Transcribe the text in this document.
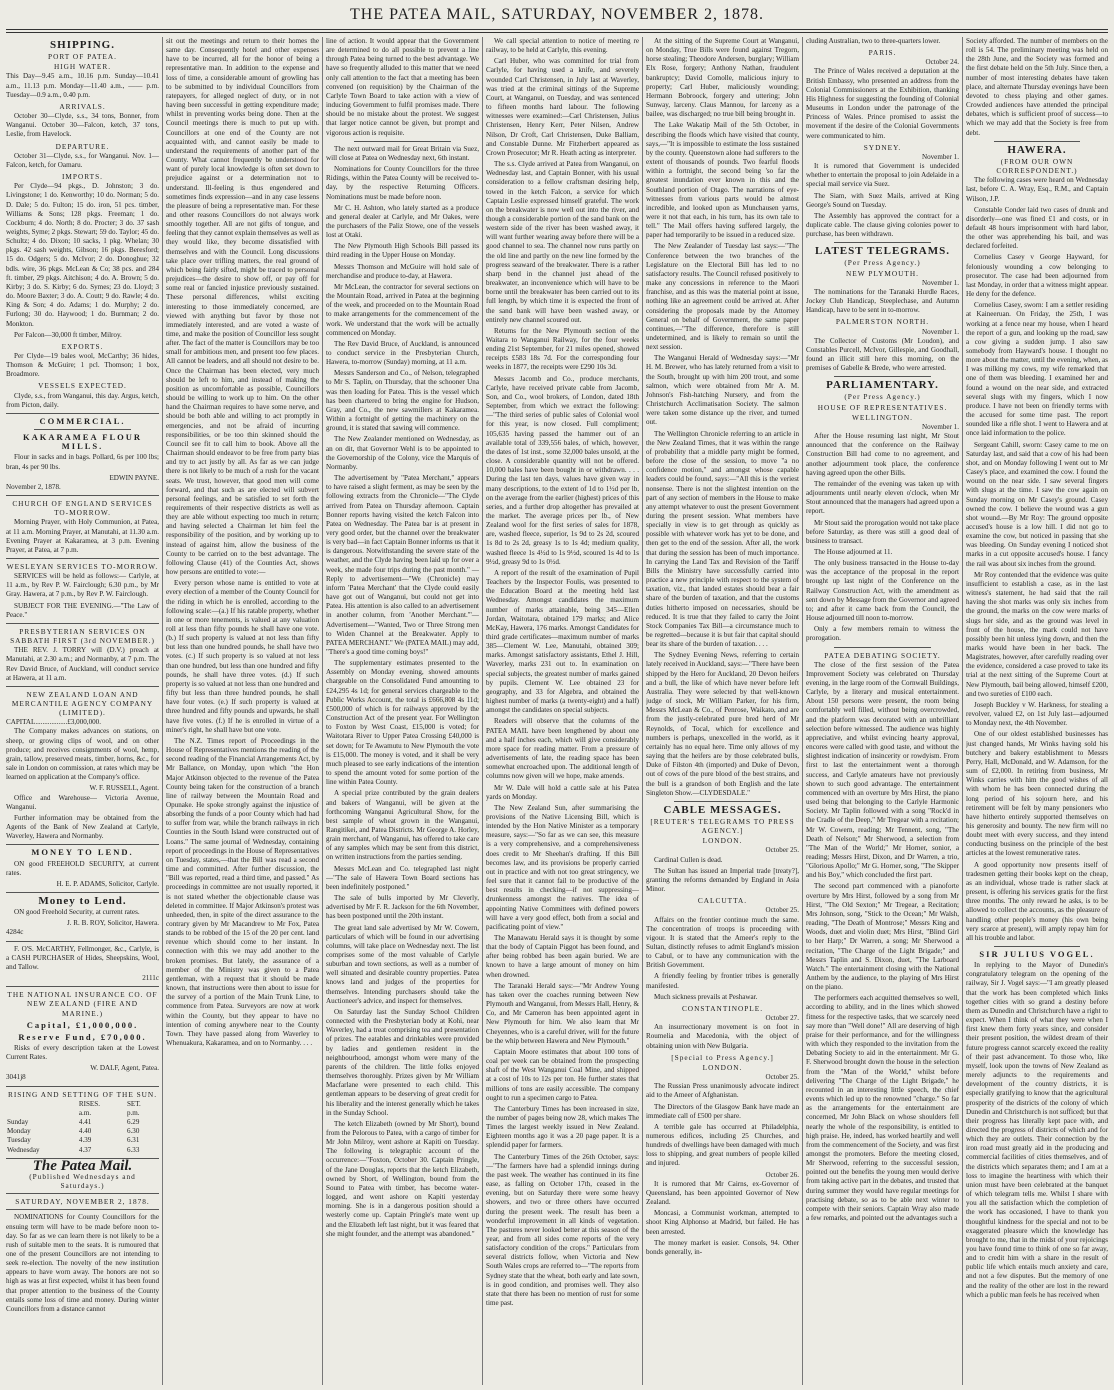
THE PATEA MAIL, SATURDAY, NOVEMBER 2, 1878.
SHIPPING.
PORT OF PATEA.
HIGH WATER.

This Day—9.45 a.m., 10.16 p.m. Sunday—10.41 a.m., 11.13 p.m. Monday—11.40 a.m., —— p.m. Tuesday—0.9 a.m., 0.40 p.m.

ARRIVALS.

October 30—Clyde, s.s., 34 tons, Bonner, from Wanganui. October 30—Falcon, ketch, 37 tons, Leslie, from Havelock.

DEPARTURE.

October 31—Clyde, s.s., for Wanganui. Nov. 1—Falcon, ketch, for Oamaru.

IMPORTS.

Per Clyde—94 pkgs., D. Johnston; 3 do. Livingstone; 1 do. Kenworthy; 10 do. Norman; 5 do. D. Dale; 5 do. Fulton; 15 do. iron, 51 pcs. timber, Williams & Sons; 128 pkgs. Freeman; 1 do. Cockburn; 4 do. North; 8 do. Procter; 3 do. 37 sash weights, Syme; 2 pkgs. Stewart; 59 do. Taylor; 45 do. Schultz; 4 do. Dixon; 10 sacks, 1 pkg. Whelan; 30 pkgs. 42 sash weights, Gibson; 16 pkgs. Beresford; 15 do. Odgers; 5 do. McIvor; 2 do. Donoghue; 32 bdls. wire, 36 pkgs. McLean & Co; 38 pcs. and 284 ft. timber, 29 pkgs. Aitchison; 4 do. A. Brown; 5 do. Kirby; 3 do. S. Kirby; 6 do. Symes; 23 do. Lloyd; 3 do. Moore Baxter; 3 do. A. Coutt; 9 do. Rawle; 4 do. King & Son; 4 do. Adams; 1 do. Murphy; 2 do. Furlong; 30 do. Haywood; 1 do. Burnman; 2 do. Monkton.

Per Falcon—30,000 ft timber, Milroy.

EXPORTS.

Per Clyde—19 bales wool, McCarthy; 36 hides, Thomson & McGuire; 1 pcl. Thomson; 1 box, Broadmore.

VESSELS EXPECTED.

Clyde, s.s., from Wanganui, this day. Argus, ketch, from Picton, daily.

COMMERCIAL.
KAKARAMEA FLOUR MILLS.

Flour in sacks and in bags. Pollard, 6s per 100 lbs; bran, 4s per 90 lbs.

EDWIN PAYNE.
November 2, 1878.
CHURCH OF ENGLAND SERVICES TO-MORROW.

Morning Prayer, with Holy Communion, at Patea, at 11 a.m. Morning Prayer, at Manutahi, at 11.30 a.m. Evening Prayer at Kakaramea, at 3 p.m. Evening Prayer, at Patea, at 7 p.m.

WESLEYAN SERVICES TO-MORROW.

SERVICES will be held as follows:— Carlyle, at 11 a.m., by Rev P. W. Fairclough; 6.30 p.m., by Mr Gray. Hawera, at 7 p.m., by Rev P. W. Fairclough.

SUBJECT FOR THE EVENING.—"The Law of Peace."

PRESBYTERIAN SERVICES ON SABBATH FIRST (3rd NOVEMBER.)

THE REV. J. TORRY will (D.V.) preach at Manutahi, at 2.30 a.m.; and Normanby, at 7 p.m. The Rev David Bruce, of Auckland, will conduct service at Hawera, at 11 a.m.

NEW ZEALAND LOAN AND MERCANTILE AGENCY COMPANY (LIMITED).
CAPITAL..................£3,000,000.

The Company makes advances on stations, on sheep, or growing clips of wool, and on other produce; and receives consignments of wool, hemp, grain, tallow, preserved meats, timber, horns, &c., for sale in London on commission, at rates which may be learned on application at the Company's office.

W. F. RUSSELL, Agent.

Office and Warehouse— Victoria Avenue, Wanganui.

Further information may be obtained from the Agents of the Bank of New Zealand at Carlyle, Waverley, Hawera and Normanby.

MONEY TO LEND.

ON good FREEHOLD SECURITY, at current rates.

H. E. P. ADAMS, Solicitor, Carlyle.
Money to Lend.

ON good Freehold Security, at current rates.

J. R. B. ROY, Solicitor, Hawera.
4284c

F. O'S. McCARTHY, Fellmonger, &c., Carlyle, is a CASH PURCHASER of Hides, Sheepskins, Wool, and Tallow.

2111c
THE NATIONAL INSURANCE CO. OF NEW ZEALAND (FIRE AND MARINE.)
Capital, £1,000,000.
Reserve Fund, £70,000.

Risks of every description taken at the Lowest Current Rates.

W. DALF, Agent, Patea.
3041j8
RISING AND SETTING OF THE SUN.
	RISES.	SET.
	a.m.	p.m.
Sunday	4.41	6.29
Monday	4.40	6.30
Tuesday	4.39	6.31
Wednesday	4.37	6.33
The Patea Mail.
(Published Wednesdays and Saturdays.)
SATURDAY, NOVEMBER 2, 1878.

NOMINATIONS for County Councillors for the ensuing term will have to be made before noon to-day. So far as we can learn there is not likely to be a rush of suitable men to the seats. It is rumoured that one of the present Councillors are not intending to seek re-election. The novelty of the new institution appears to have worn away. The honors are not so high as was at first expected, whilst it has been found that proper attention to the business of the County entails some loss of time and money. During winter Councillors from a distance cannot

sit out the meetings and return to their homes the same day. Consequently hotel and other expenses have to be incurred, all for the honor of being a representative man. In addition to the expense and loss of time, a considerable amount of growling has to be submitted to by individual Councillors from ratepayers, for alleged neglect of duty, or in not having been successful in getting expenditure made; whilst in preventing works being done. Then at the Council meetings there is much to put up with. Councillors at one end of the County are not acquainted with, and cannot easily be made to understand the requirements of another part of the County. What cannot frequently be understood for want of purely local knowledge is often set down to prejudice against or a determination not to understand. Ill-feeling is thus engendered and sometimes finds expression—and in any case lessens the pleasure of being a representative man. For these and other reasons Councillors do not always work smoothly together. All are not gifts of tongue, and feeling that they cannot explain themselves as well as they would like, they become dissatisfied with themselves and with the Council. Long discussions take place over trifling matters, the real ground of which being fairly sifted, might be traced to personal prejudices—the desire to show off, or pay off for some real or fancied injustice previously sustained. These personal differences, whilst exciting interesting to those immediately concerned, are viewed with anything but favor by those not immediately interested, and are voted a waste of time, and make the position of Councillor less sought after. The fact of the matter is Councillors may be too small for ambitious men, and present too few places. All cannot be leaders, and all should not desire to be. Once the Chairman has been elected, very much should be left to him, and instead of making the position as uncomfortable as possible, Councillors should be willing to work up to him. On the other hand the Chairman requires to have some nerve, and should be both able and willing to act promptly in emergencies, and not be afraid of incurring responsibilities, or be too thin skinned should the Council see fit to call him to book. Above all the Chairman should endeavor to be free from party bias and try to act justly by all. As far as we can judge there is not likely to be much of a rush for the vacant seats. We trust, however, that good men will come forward, and that such as are elected will subvert personal feelings, and be satisfied to set forth the requirements of their respective districts as well as they are able without expecting too much in return; and having selected a Chairman let him feel the responsibility of the position, and by working up to instead of against him, allow the business of the County to be carried on to the best advantage. The following Clause (41) of the Counties Act, shows how persons are entitled to vote:—

Every person whose name is entitled to vote at every election of a member of the County Council for the riding in which he is enrolled, according to the following scale:—(a.) If his ratable property, whether in one or more tenements, is valued at any valuation roll at less than fifty pounds he shall have one vote. (b.) If such property is valued at not less than fifty but less than one hundred pounds, he shall have two votes. (c.) If such property is so valued at not less than one hundred, but less than one hundred and fifty pounds, he shall have three votes. (d.) If such property is so valued at not less than one hundred and fifty but less than three hundred pounds, he shall have four votes. (e.) If such property is valued at three hundred and fifty pounds and upwards, he shall have five votes. (f.) If he is enrolled in virtue of a miner's right, he shall have but one vote.

The N.Z. Times report of Proceedings in the House of Representatives mentions the reading of the second reading of the Financial Arrangements Act, by Mr Ballance, on Monday, upon which "the Hon Major Atkinson objected to the revenue of the Patea County being taken for the construction of a branch line of railway between the Mountain Road and Opunake. He spoke strongly against the injustice of absorbing the funds of a poor County which had had to suffer from war, while the branch railways in rich Counties in the South Island were constructed out of Loans." The same journal of Wednesday, containing report of proceedings in the House of Representatives on Tuesday, states,—that the Bill was read a second time and committed. After further discussion, the "Bill was reported, read a third time, and passed." As proceedings in committee are not usually reported, it is not stated whether the objectionable clause was deleted in committee. If Major Atkinson's protest was unheeded, then, in spite of the direct assurance to the contrary given by Mr Macandrew to Mr Fox, Patea stands to be robbed of the 15 of the 20 per cent. land revenue which should come to her instant. In connection with this we may add another to the broken promises. But lately, the assurance of a member of the Ministry was given to a Patea gentleman, with a request that it should be made known, that instructions were then about to issue for the survey of a portion of the Main Trunk Line, to commence from Patea. Surveyors are now at work within the County, but they appear to have no intention of coming anywhere near to the County Town. They have passed along from Waverley to Whenuakura, Kakaramea, and on to Normanby. . . .

line of action. It would appear that the Government are determined to do all possible to prevent a line through Patea being turned to the best advantage. We have so frequently alluded to this matter that we need only call attention to the fact that a meeting has been convened (on requisition) by the Chairman of the Carlyle Town Board to take action with a view of inducing Government to fulfil promises made. There should be no mistake about the protest. We suggest that larger notice cannot be given, but prompt and vigorous action is requisite.

The next outward mail for Great Britain via Suez, will close at Patea on Wednesday next, 6th instant.

Nominations for County Councillors for the three Ridings, within the Patea County will be received to-day, by the respective Returning Officers. Nominations must be made before noon.

Mr C. H. Ashton, who lately started as a produce and general dealer at Carlyle, and Mr Oakes, were the purchasers of the Paliz Stowe, one of the vessels lost at Otaki.

The New Plymouth High Schools Bill passed its third reading in the Upper House on Monday.

Messrs Thomson and McGuire will hold sale of merchandise and produce to-day, at Hawera.

Mr McLean, the contractor for several sections on the Mountain Road, arrived in Patea at the beginning of the week, and proceeded on to the Mountain Road to make arrangements for the commencement of the work. We understand that the work will be actually commenced on Monday.

The Rev David Bruce, of Auckland, is announced to conduct service in the Presbyterian Church, Hawera, to-morrow (Sunday) morning, at 11 a.m.

Messrs Sanderson and Co., of Nelson, telegraphed to Mr S. Taplin, on Thursday, that the schooner Una was then loading for Patea. This is the vessel which has been chartered to bring the engine for Hudson, Gray, and Co., the new sawmillers at Kakaramea. Within a fortnight of getting the machinery on the ground, it is stated that sawing will commence.

The New Zealander mentioned on Wednesday, as an on dit, that Governor Wehl is to be appointed to the Governorship of the Colony, vice the Marquis of Normanby.

The advertisement by "Patea Merchant," appears to have raised a slight ferment, as may be seen by the following extracts from the Chronicle—"The Clyde arrived from Patea on Thursday afternoon. Captain Bonner reports having visited the ketch Falcon into Patea on Wednesday. The Patea bar is at present in very good order, but the channel over the breakwater is very bad—in fact Captain Bonner informs us that it is dangerous. Notwithstanding the severe state of the weather, and the Clyde having been laid up for over a week, she made four trips during the past month." —Reply to advertisement—"We (Chronicle) may inform 'Patea Merchant' that the Clyde could easily have got out of Wanganui, but could not get into Patea. His attention is also called to an advertisement in another column, from 'Another Merchant.'"—Advertisement—"Wanted, Two or Three Strong men to Widen Channel at the Breakwater. Apply to PATEA MERCHANT." We (PATEA MAIL) may add, "There's a good time coming boys!"

The supplementary estimates presented to the Assembly on Monday evening, showed amounts chargeable on the Consolidated Fund amounting to £24,295 4s 1d; for general services chargeable to the Public Works Account, the total is £666,808 4s 11d; £500,000 of which is for railways approved by the Construction Act of the present year. For Wellington to Foxton by West Coast, £15,000 is voted; for Waitotara River to Upper Patea Crossing £40,000 is set down; for Te Awamutu to New Plymouth the vote is £15,000. The money is voted, and it shall be very much pleased to see early indications of the intention to spend the amount voted for some portion of the line within Patea County.

A special prize contributed by the grain dealers and bakers of Wanganui, will be given at the forthcoming Wanganui Agricultural Show, for the best sample of wheat grown in the Wanganui, Rangitikei, and Patea Districts. Mr George A. Horley, grain merchant, of Wanganui, has offered to take care of any samples which may be sent from this district, on written instructions from the parties sending.

Messrs McLean and Co. telegraphed last night—"The sale of Hawera Town Board sections has been indefinitely postponed."

The sale of bulls imported by Mr Cleverly, advertised by Mr F. R. Jackson for the 6th November, has been postponed until the 20th instant.

The great land sale advertised by Mr W. Cowern, particulars of which will be found in our advertising columns, will take place on Wednesday next. The list comprises some of the most valuable of Carlyle suburban and town sections, as well as a number of well situated and desirable country properties. Patea knows land and judges of the properties for themselves. Intending purchasers should take the Auctioneer's advice, and inspect for themselves.

On Saturday last the Sunday School Children connected with the Presbyterian body at Kohi, near Waverley, had a treat comprising tea and presentation of prizes. The eatables and drinkables were provided by ladies and gentlemen resident in the neighbourhood, amongst whom were many of the parents of the children. The little folks enjoyed themselves thoroughly. Prizes given by Mr William Macfarlane were presented to each child. This gentleman appears to be deserving of great credit for his liberality and the interest generally which he takes in the Sunday School.

The ketch Elizabeth (owned by Mr Short), bound from the Pelorous to Patea, with a cargo of timber for Mr John Milroy, went ashore at Kapiti on Tuesday. The following is telegraphic account of the occurrence:—"Foxton, October 30. Captain Pringle, of the Jane Douglas, reports that the ketch Elizabeth, owned by Short, of Wellington, bound from the Sound to Patea with timber, has become water-logged, and went ashore on Kapiti yesterday morning. She is in a dangerous position should a westerly come up. Captain Pringle's mate went up and the Elizabeth left last night, but it was feared that she might founder, and the attempt was abandoned."

We call special attention to notice of meeting re railway, to be held at Carlyle, this evening.

Carl Huber, who was committed for trial from Carlyle, for having used a knife, and severely wounded Carl Christensen, in July last at Waverley, was tried at the criminal sittings of the Supreme Court, at Wanganui, on Tuesday, and was sentenced to fifteen months hard labour. The following witnesses were examined:—Carl Christensen, Julius Christensen, Henry Kerr, Peter Nilsen, Andrew Nilson, Dr Croft, Carl Christensen, Duke Balliam, and Constable Dunne. Mr Fitzherbert appeared as Crown Prosecutor; Mr R. Heath acting as interpreter.

The s.s. Clyde arrived at Patea from Wanganui, on Wednesday last, and Captain Bonner, with his usual consideration to a fellow craftsman desiring help, towed in the ketch Falcon, a service for which Captain Leslie expressed himself grateful. The work on the breakwater is now well out into the river, and though a considerable portion of the sand bank on the western side of the river has been washed away, it will want further wearing away before there will be a good channel to sea. The channel now runs partly on the old line and partly on the new line formed by the progress seaward of the breakwater. There is a rather sharp bend in the channel just ahead of the breakwater, an inconvenience which will have to be borne until the breakwater has been carried out to its full length, by which time it is expected the front of the sand bank will have been washed away, or entirely new channel scoured out.

Returns for the New Plymouth section of the Waitara to Wanganui Railway, for the four weeks ending 21st September, for 21 miles opened, showed receipts £583 18s 7d. For the corresponding four weeks in 1877, the receipts were £290 10s 3d.

Messrs Jacomb and Co., produce merchants, Carlyle, have received private cable from Jacomb, Son, and Co., wool brokers, of London, dated 18th September, from which we extract the following:—"The third series of public sales of Colonial wool for this year, is now closed. Full compliment; 105,635 having passed the hammer out of an available total of 339,556 bales, of which, however, the dates of 1st inst., some 32,000 bales unsold, at the close. A considerable quantity will not be offered. 10,000 bales have been bought in or withdrawn. . . . During the last ten days, values have given way in many descriptions, to the extent of 1d to 1½d per lb, on the average from the earlier (highest) prices of this series, and a further drop altogether has prevailed at the market. The average prices per lb., of New Zealand wool for the first series of sales for 1878, are, washed fleece, superior, 1s 9d to 2s 2d, scoured 1s 8d to 2s 2d, greasy 1s to 1s 4d; medium quality, washed fleece 1s 4½d to 1s 9½d, scoured 1s 4d to 1s 9½d, greasy 9d to 1s 0½d.

A report of the result of the examination of Pupil Teachers by the Inspector Foulis, was presented to the Education Board at the meeting held last Wednesday. Amongst candidates the maximum number of marks attainable, being 345—Ellen Jordan, Waitotara, obtained 179 marks; and Alice McKay, Hawera, 176 marks. Amongst Candidates for third grade certificates—maximum number of marks 385—Clement W. Lee, Manutahi, obtained 309; marks. Amongst satisfactory assistants, Ethel J. Hill, Waverley, marks 231 out to. In examination on special subjects, the greatest number of marks gained by pupils. Clement W. Lee obtained 23 for geography, and 33 for Algebra, and obtained the highest number of marks (a twenty-eight) and a half) amongst the candidates on special subjects.

Readers will observe that the columns of the PATEA MAIL have been lengthened by about one and a half inches each, which will give considerably more space for reading matter. From a pressure of advertisements of late, the reading space has been somewhat encroached upon. The additional length of columns now given will we hope, make amends.

Mr W. Dale will hold a cattle sale at his Patea yards on Monday.

The New Zealand Sun, after summarising the provisions of the Native Licensing Bill, which is intended by the Hon Native Minister as a temporary measure, says:—"So far as we can see, this measure is a very comprehensive, and a comprehensiveness does credit to Mr Sheehan's drafting. If this Bill becomes law, and its provisions be properly carried out in practice and with not too great stringency, we feel sure that it cannot fail to be productive of the best results in checking—if not suppressing—drunkenness amongst the natives. The idea of appointing Native Committees with defined powers will have a very good effect, both from a social and pacificating point of view."

The Manawatu Herald says it is thought by some that the body of Captain Piggot has been found, and after being robbed has been again buried. We are known to have a large amount of money on him when drowned.

The Taranaki Herald says:—"Mr Andrew Young has taken over the coaches running between New Plymouth and Wanganui, from Messrs Hall, Henry, & Co, and Mr Cameron has been appointed agent in New Plymouth for him. We also learn that Mr Cheyennes, who is a careful driver, will for the future be the whip between Hawera and New Plymouth."

Captain Moore estimates that about 100 tons of coal per week can be obtained from the prospecting shaft of the West Wanganui Coal Mine, and shipped at a cost of 10s to 12s per ton. He further states that millions of tons are easily accessible. The company ought to run a specimen cargo to Patea.

The Canterbury Times has been increased in size, the number of pages being now 28, which makes The Times the largest weekly issued in New Zealand. Eighteen months ago it was a 20 page paper. It is a splendid paper for farmers.

The Canterbury Times of the 26th October, says:—"The farmers have had a splendid innings during the past week. The weather has continued in its fine ease, as falling on October 17th, ceased in the evening, but on Saturday there were some heavy showers, and two or three others have occurred during the present week. The result has been a wonderful improvement in all kinds of vegetation. The pastures never looked better at this season of the year, and from all sides come reports of the very satisfactory condition of the crops." Particulars from several districts follow, when Victoria and New South Wales crops are referred to—"The reports from Sydney state that the wheat, both early and late sown, is in good condition, and promises well. They also state that there has been no mention of rust for some time past.

At the sitting of the Supreme Court at Wanganui, on Monday, True Bills were found against Tregorn, horse stealing; Theodore Andersen, burglary; William Elx Rose, forgery; Anthony Nathan, fraudulent bankruptcy; David Comolle, malicious injury to property; Carl Huber, maliciously wounding; Hermann Bobroock, forgery and uttering; John Sunway, larceny. Claus Mannou, for larceny as a bailee, was discharged; no true bill being brought in.

The Lake Wakatip Mail of the 5th October, in describing the floods which have visited that county, says,—"It is impossible to estimate the loss sustained by the county. Queenstown alone had sufferers to the extent of thousands of pounds. Two fearful floods within a fortnight, the second being 'so far the greatest inundation ever known in this and the Southland portion of Otago. The narrations of eye-witnesses from various parts would be almost incredible, and looked upon as Munchausen yarns, were it not that each, in his turn, has its own tale to tell." The Mail offers having suffered largely, the paper had temporarily to be issued in a reduced size.

The New Zealander of Tuesday last says:—"The Conference between the two branches of the Legislature on the Electoral Bill has led to no satisfactory results. The Council refused positively to make any concessions in reference to the Maori franchise, and as this was the material point at issue, nothing like an agreement could be arrived at. After considering the proposals made by the Attorney General on behalf of Government, the same paper continues,—"The difference, therefore is still undetermined, and is likely to remain so until the next session.

The Wanganui Herald of Wednesday says:—"Mr H. M. Brewer, who has lately returned from a visit to the South, brought up with him 200 trout, and some salmon, which were obtained from Mr A. M. Johnson's Fish-hatching Nursery, and from the Christchurch Acclimatisation Society. The salmon were taken some distance up the river, and turned out.

The Wellington Chronicle referring to an article in the New Zealand Times, that it was within the range of probability that a middle party might be formed, before the close of the session, to move "a no confidence motion," and amongst whose capable leaders could be found, says:—"All this is the veriest nonsense. There is not the slightest intention on the part of any section of members in the House to make any attempt whatever to oust the present Government during the present session. What members have specially in view is to get through as quickly as possible with whatever work has yet to be done, and then get to the end of the session. After all, the work that during the session has been of much importance. In carrying the Land Tax and Revision of the Tariff Bills the Ministry have successfully carried into practice a new principle with respect to the system of taxation, viz., that landed estates should bear a fair share of the burden of taxation, and that the customs duties hitherto imposed on necessaries, should be reduced. It is true that they failed to carry the Joint Stock Companies Tax Bill—a circumstance much to be regretted—because it is but fair that capital should bear its share of the burden of taxation. . . .

The Sydney Evening News, referring to certain lately received in Auckland, says:—"There have been shipped by the Hero for Auckland, 20 Devon heifers and a bull, the like of which have never before left Australia. They were selected by that well-known judge of stock, Mr William Parker, for his firm, Messrs McLean & Co., of Penrose, Waikato, and are from the justly-celebrated pure bred herd of Mr Reynolds, of Tocal, which for excellence and numbers is perhaps, unexcelled in the world, as it certainly has no equal here. Time only allows of my saying that the heifers are by those celebrated bulls, Duke of Filston 4th (imported) and Duke of Devon, out of cows of the pure blood of the best strains, and the bull is a grandson of both English and the late Singleton Show.—CLYDESDALE."

CABLE MESSAGES.
[REUTER'S TELEGRAMS TO PRESS AGENCY.]
LONDON.
October 25.

Cardinal Cullen is dead.

The Sultan has issued an Imperial trade [treaty?], granting the reforms demanded by England in Asia Minor.

CALCUTTA.
October 25.

Affairs on the frontier continue much the same. The concentration of troops is proceeding with vigour. It is stated that the Ameer's reply to the Sultan, distinctly refuses to admit England's mission to Cabul, or to have any communication with the British Government.

A friendly feeling by frontier tribes is generally manifested.

Much sickness prevails at Peshawar.

CONSTANTINOPLE.
October 27.

An insurrectionary movement is on foot in Roumelia and Macedonia, with the object of obtaining union with New Bulgaria.

[Special to Press Agency.]
LONDON.
October 25.

The Russian Press unanimously advocate indirect aid to the Ameer of Afghanistan.

The Directors of the Glasgow Bank have made an immediate call of £500 per share.

A terrible gale has occurred at Philadelphia, numerous edifices, including 25 Churches, and hundreds of dwellings have been damaged with much loss to shipping, and great numbers of people killed and injured.

October 26.

It is rumored that Mr Cairns, ex-Governor of Queensland, has been appointed Governor of New Zealand.

Moncasi, a Communist workman, attempted to shoot King Alphonso at Madrid, but failed. He has been arrested.

The money market is easier. Consols, 94. Other bonds generally, in-

cluding Australian, two to three-quarters lower.

PARIS.
October 24.

The Prince of Wales received a deputation at the British Embassy, who presented an address from the Colonial Commissioners at the Exhibition, thanking His Highness for suggesting the founding of Colonial Museums in London under the patronage of the Princess of Wales. Prince promised to assist the movement if the desire of the Colonial Governments were communicated to him.

SYDNEY.
November 1.

It is rumored that Government is undecided whether to entertain the proposal to join Adelaide in a special mail service via Suez.

The Siam, with Suez Mails, arrived at King George's Sound on Tuesday.

The Assembly has approved the contract for a duplicate cable. The clause giving colonies power to purchase, has been withdrawn.

LATEST TELEGRAMS.
(Per Press Agency.)
NEW PLYMOUTH.
November 1.

The nominations for the Taranaki Hurdle Races, Jockey Club Handicap, Steeplechase, and Autumn Handicap, have to be sent in to-morrow.

PALMERSTON NORTH.
November 1.

The Collector of Customs (Mr Loudon), and Constables Purcell, McIvor, Gillespie, and Goodhall, found an illicit still here this morning, on the premises of Gabelle & Brede, who were arrested.

PARLIAMENTARY.
(Per Press Agency.)
HOUSE OF REPRESENTATIVES.
WELLINGTON.
November 1.

After the House resuming last night, Mr Stout announced that the conference on the Railway Construction Bill had come to no agreement, and another adjournment took place, the conference having agreed upon the other Bills.

The remainder of the evening was taken up with adjournments until nearly eleven o'clock, when Mr Stout announced that the managers had agreed upon a report.

Mr Stout said the prorogation would not take place before Saturday, as there was still a good deal of business to transact.

The House adjourned at 11.

The only business transacted in the House to-day was the acceptance of the proposal in the report brought up last night of the Conference on the Railway Construction Act, with the amendment as sent down by Message from the Governor and agreed to; and after it came back from the Council, the House adjourned till noon to-morrow.

Only a few members remain to witness the prorogation.

PATEA DEBATING SOCIETY.

The close of the first session of the Patea Improvement Society was celebrated on Thursday evening, in the large room of the Cornwall Buildings, Carlyle, by a literary and musical entertainment. About 150 persons were present, the room being comfortably well filled, without being overcrowded, and the platform was decorated with an unbrilliant selection before witnessed. The audience was highly appreciative, and whilst evincing hearty approval, encores were called with good taste, and without the slightest indication of insincerity or rowdyism. From first to last the entertainment went a thorough success, and Carlyle amateurs have not previously shown to such good advantage. The entertainment commenced with an overture by Mrs Hirst, the piano used being that belonging to the Carlyle Harmonic Society. Mr Taplin followed with a song "Rock'd in the Cradle of the Deep," Mr Tregear with a recitation; Mr W. Cowern, reading; Mr Tennent, song, "The Death of Nelson;" Mr Sherwood, a selection from "The Man of the World;" Mr Horner, sonior, a reading; Messrs Hirst, Dixon, and Dr Warren, a trio, "Glorious Apollo;" Mr G. Horner, song, "The Skipper and his Boy," which concluded the first part.

The second part commenced with a pianoforte overture by Mrs Hirst, followed by a song from Mr Hirst, "The Old Sexton;" Mr Tregear, a Recitation; Mrs Johnson, song, "Stick to the Ocean;" Mr Walsh, reading, "The Death of Montrose;" Messrs King and Woods, duet and violin duet; Mrs Hirst, "Blind Girl to her Harp;" Dr Warren, a song; Mr Sherwood a recitation, "The Charge of the Light Brigade;" and Messrs Taplin and S. Dixon, duet, "The Larboard Watch." The entertainment closing with the National Anthem by the audience, to the playing of Mrs Hirst on the piano.

The performers each acquitted themselves so well, according to ability, and in the lines which showed fitness for the respective tasks, that we scarcely need say more than "Well done!" All are deserving of high praise for their performance, and for the willingness with which they responded to the invitation from the Debating Society to aid in the entertainment. Mr G. F. Sherwood brought down the house in the selection from the "Man of the World," whilst before delivering "The Charge of the Light Brigade," he recounted in an interesting little speech, the chief events which led up to the renowned "charge." So far as the arrangements for the entertainment are concerned, Mr John Black on whose shoulders fell nearly the whole of the responsibility, is entitled to high praise. He, indeed, has worked heartily and well from the commencement of the Society, and was first amongst the promoters. Before the meeting closed, Mr Sherwood, referring to the successful session, pointed out the benefits the young men would derive from taking active part in the debates, and trusted that during summer they would have regular meetings for practising debate, so as to be able next winter to compete with their seniors. Captain Wray also made a few remarks, and pointed out the advantages such a

Society afforded. The number of members on the roll is 54. The preliminary meeting was held on the 28th June, and the Society was formed and the first debate held on the 5th July. Since then, a number of most interesting debates have taken place, and alternate Thursday evenings have been devoted to chess playing and other games. Crowded audiences have attended the principal debates, which is sufficient proof of success—to which we may add that the Society is free from debt.

HAWERA.
(FROM OUR OWN CORRESPONDENT.)

The following cases were heard on Wednesday last, before C. A. Wray, Esq., R.M., and Captain Wilson, J.P.

Constable Conder laid two cases of drunk and disorderly—one was fined £1 and costs, or in default 48 hours imprisonment with hard labor, the other was apprehending his bail, and was declared forfeited.

Cornelius Casey v George Hayward, for feloniously wounding a cow belonging to prosecutor. The case had been adjourned from last Monday, in order that a witness might appear. He deny for the defence.

Cornelius Casey, sworn: I am a settler residing at Kaineeruan. On Friday, the 25th, I was working at a fence near my house, when I heard the report of a gun, and looking up the road, saw a cow giving a sudden jump. I also saw somebody from Hayward's house. I thought no more about the matter, until the evening, when, as I was milking my cows, my wife remarked that one of them was bleeding. I examined her and found a wound on the near side, and extracted several slugs with my fingers, which I now produce. I have not been on friendly terms with the accused for some time past. The report sounded like a rifle shot. I went to Hawera and at once laid information to the police.

Sergeant Cahill, sworn: Casey came to me on Saturday last, and said that a cow of his had been shot, and on Monday following I went out to Mr Casey's place, and examined the cow. I found the wound on the near side. I saw several fingers with slugs at the time. I saw the cow again on Sunday morning on Mr Casey's ground. Casey owned the cow. I believe the wound was a gun shot wound.—By Mr Roy: The ground opposite accused's house is a low hill. I did not go to examine the cow, but noticed in passing that she was bleeding. On Sunday evening I noticed shot marks in a cut opposite accused's house. I fancy the rail was about six inches from the ground.

Mr Roy contended that the evidence was quite insufficient to establish a case, as in the last witness's statement, he had said that the rail having the shot marks was only six inches from the ground, the marks on the cow were marks of slugs her side, and as the ground was level in front of the house, the mark could not have possibly been hit unless lying down, and then the marks would have been in her back. The Magistrates, however, after carefully reading over the evidence, considered a case proved to take its trial at the next sitting of the Supreme Court at New Plymouth, bail being allowed, himself £200, and two sureties of £100 each.

Joseph Buckley v W. Harkness, for stealing a revolver, valued £2, on 1st July last—adjourned to Monday next, the 4th November.

One of our oldest established businesses has just changed hands, Mr Winks having sold his butchery and bakery establishment to Messrs Perry, Hall, McDonald, and W. Adamson, for the sum of £2,000. In retiring from business, Mr Winks carries with him the good wishes of all with whom he has been connected during the long period of his sojourn here, and his retirement will be felt by many pensioners who have hitherto entirely supported themselves on his generosity and bounty. The new firm will no doubt meet with every success, and they intend conducting business on the principle of the best articles at the lowest remunerative rates.

A good opportunity now presents itself of tradesmen getting their books kept on the cheap, as an individual, whose trade is rather slack at present, is offering his services gratis for the first three months. The only reward he asks, is to be allowed to collect the accounts, as the pleasure of handling other people's money (his own being very scarce at present), will amply repay him for all his trouble and labor.

SIR JULIUS VOGEL.

In replying to the Mayor of Dunedin's congratulatory telegram on the opening of the railway, Sir J. Vogel says:—"I am greatly pleased that the work has been completed which links together cities with so grand a destiny before them as Dunedin and Christchurch have a right to expect. When I think of what they were when I first knew them forty years since, and consider their present position, the wildest dream of their future progress cannot scarcely exceed the reality of their past advancement. To those who, like myself, look upon the towns of New Zealand as merely adjuncts to the requirements and development of the country districts, it is especially gratifying to know that the agricultural prosperity of the districts of the colony of which Dunedin and Christchurch is not sufficed; but that their progress has literally kept pace with, and directed the progress of districts of which and for which they are outlets. Their connection by the iron road must greatly aid in the producing and commercial facilities of cities themselves, and of the districts which separates them; and I am at a loss to imagine the heartiness with which their union must have been celebrated at the banquet of which telegram tells me. Whilst I share with you all the satisfaction which the completion of the work has occasioned, I have to thank you thoughtful kindness for the special and not to be exaggerated pleasure which the knowledge has brought to me, that in the midst of your rejoicings you have found time to think of one so far away, and to credit him with a share in the result of public life which entails much anxiety and care, and not a few disputes. But the memory of one and the reality of the other are lost in the reward which a public man feels he has received when
